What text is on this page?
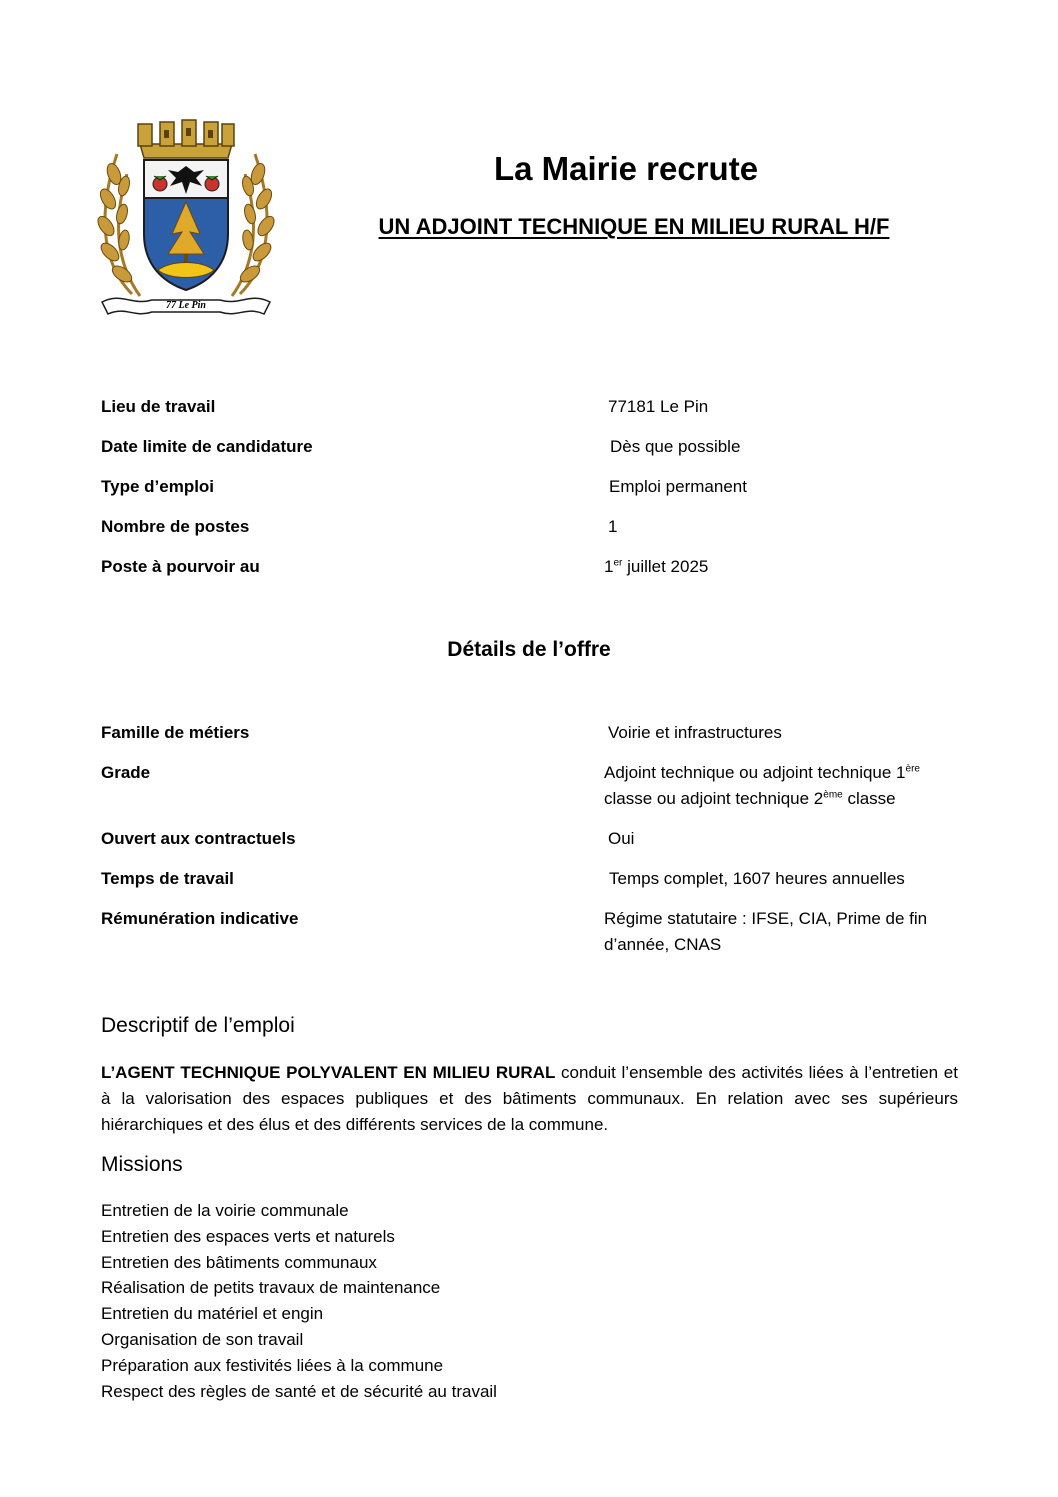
77 Le Pin
La Mairie recrute
UN ADJOINT TECHNIQUE EN MILIEU RURAL H/F
Lieu de travail	77181 Le Pin
Date limite de candidature	Dès que possible
Type d’emploi	Emploi permanent
Nombre de postes	1
Poste à pourvoir au	1er juillet 2025
Détails de l’offre
Famille de métiers	Voirie et infrastructures
Grade	Adjoint technique ou adjoint technique 1ère classe ou adjoint technique 2ème classe
Ouvert aux contractuels	Oui
Temps de travail	Temps complet, 1607 heures annuelles
Rémunération indicative	Régime statutaire : IFSE, CIA, Prime de fin d’année, CNAS
Descriptif de l’emploi
L’AGENT TECHNIQUE POLYVALENT EN MILIEU RURAL conduit l’ensemble des activités liées à l’entretien et à la valorisation des espaces publiques et des bâtiments communaux. En relation avec ses supérieurs hiérarchiques et des élus et des différents services de la commune.
Missions
Entretien de la voirie communale
Entretien des espaces verts et naturels
Entretien des bâtiments communaux
Réalisation de petits travaux de maintenance
Entretien du matériel et engin
Organisation de son travail
Préparation aux festivités liées à la commune
Respect des règles de santé et de sécurité au travail
